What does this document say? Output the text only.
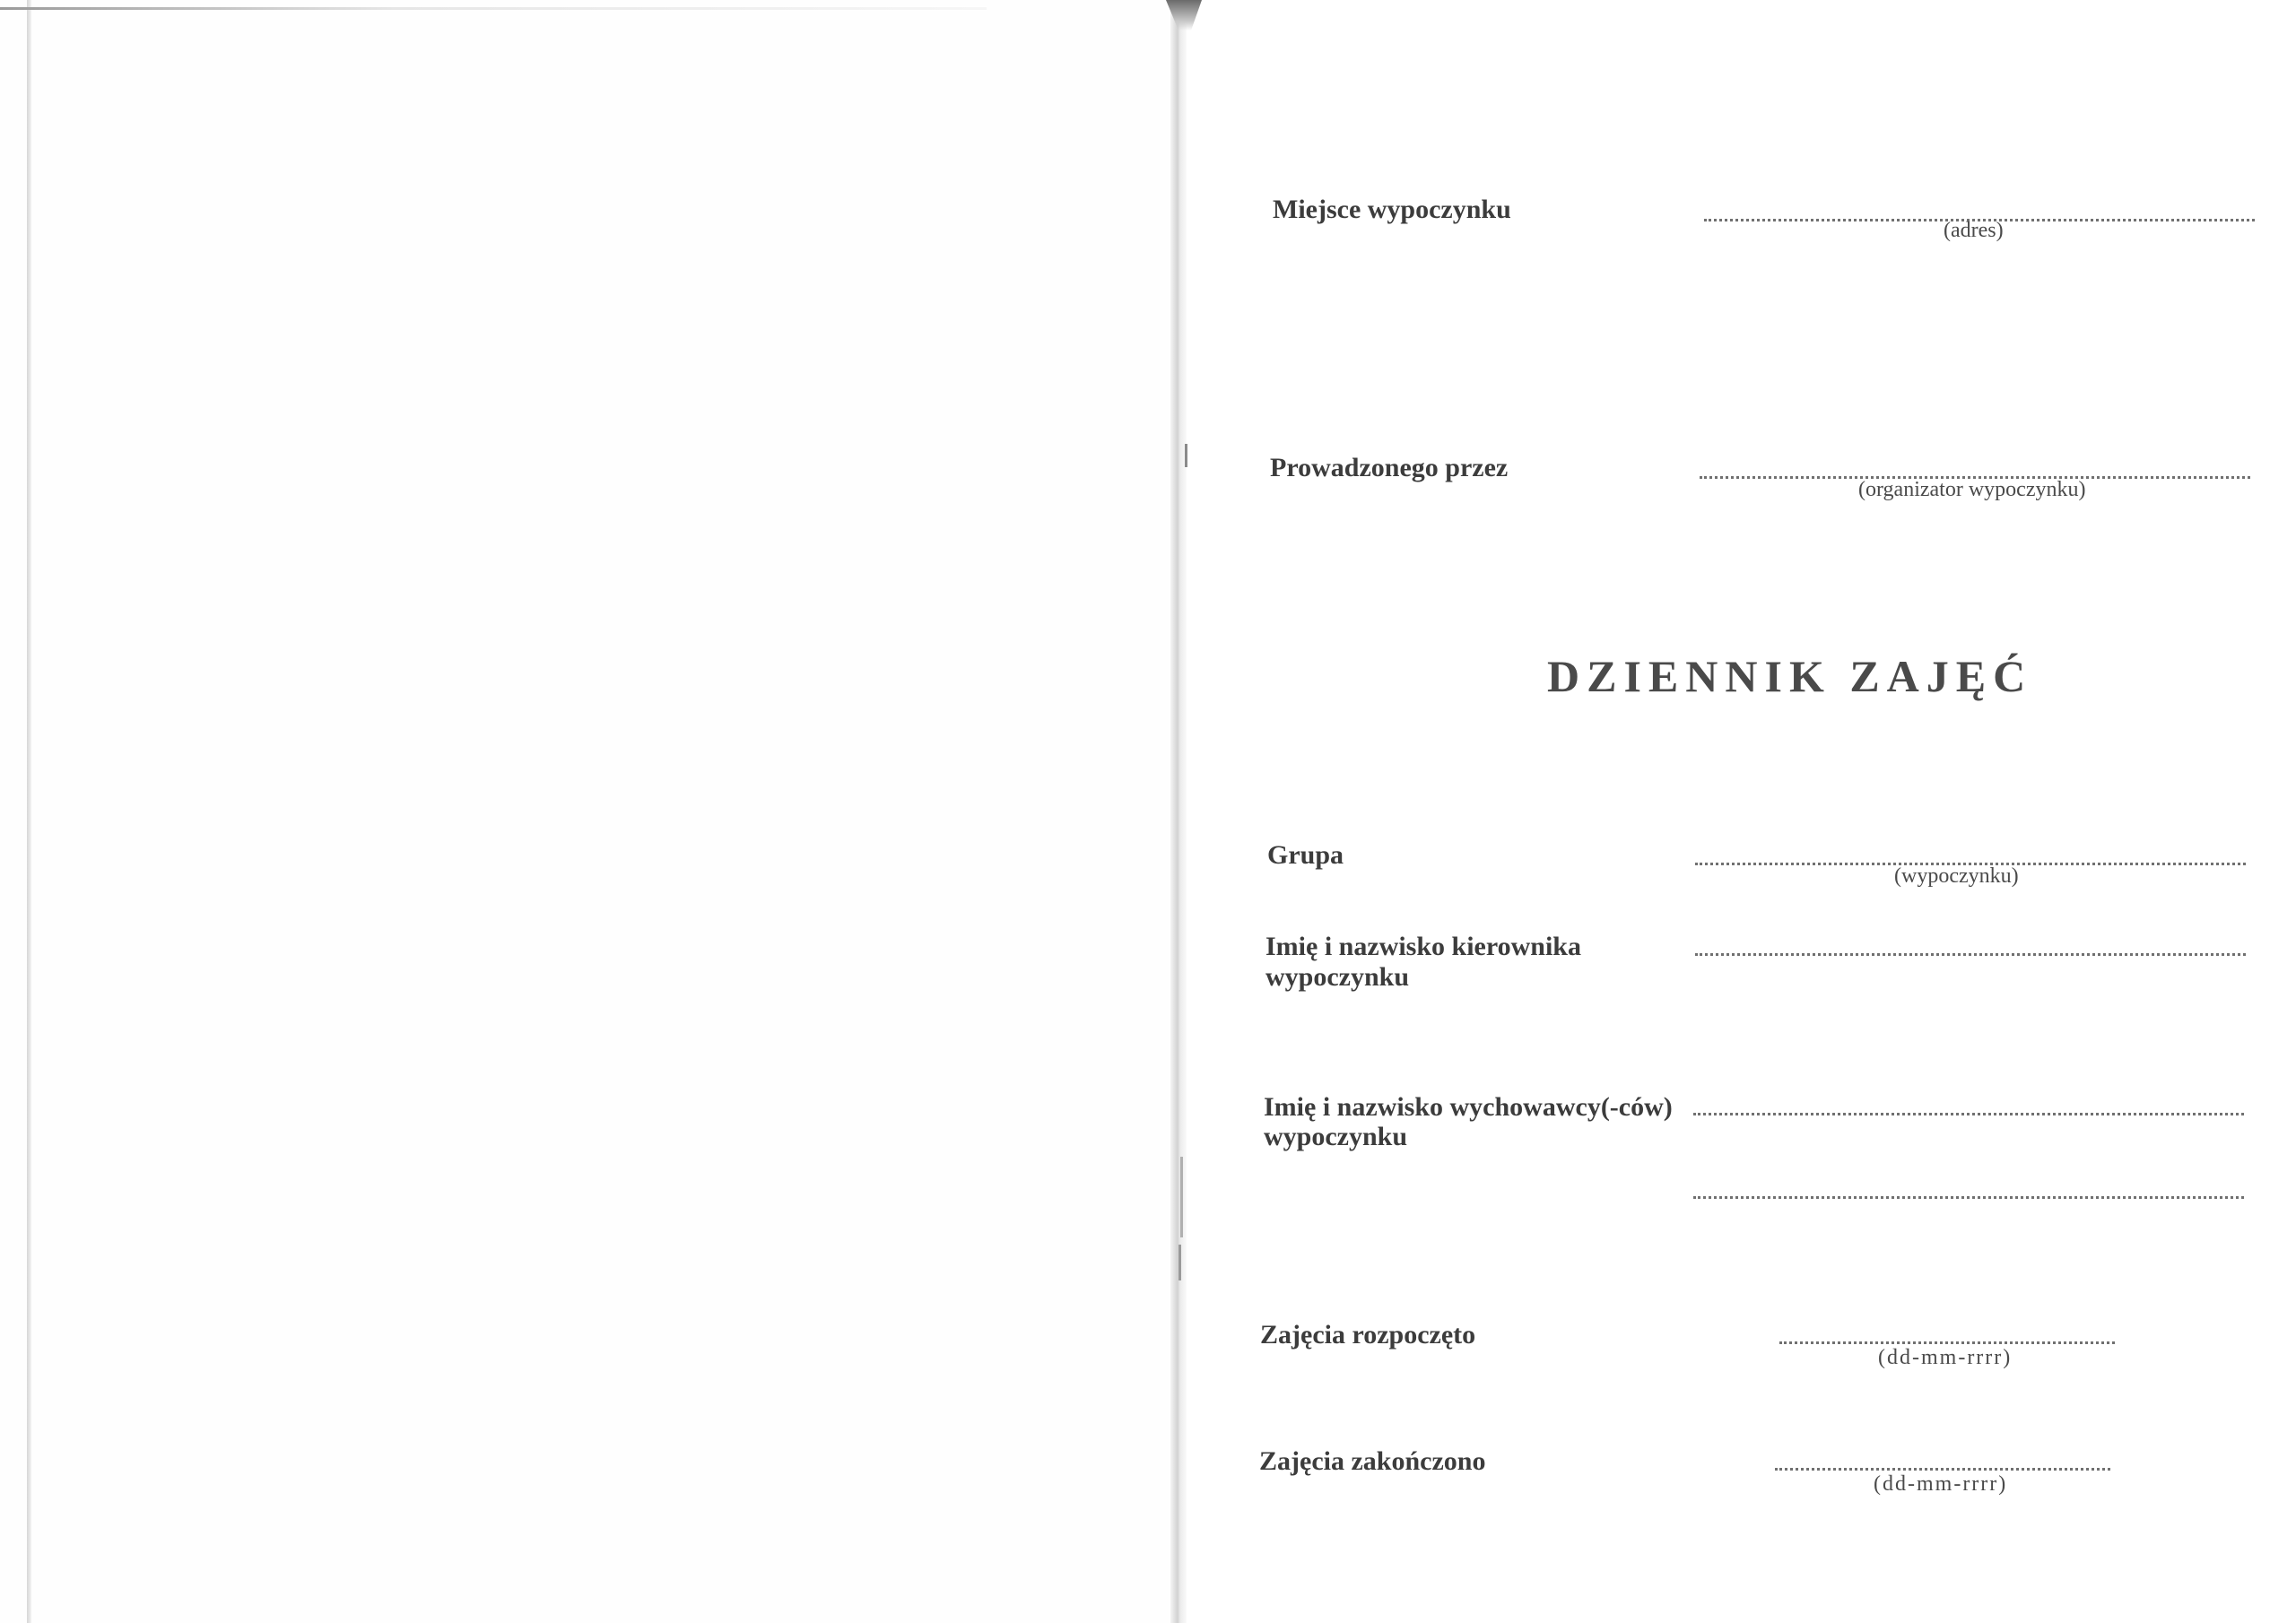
Miejsce wypoczynku
(adres)
Prowadzonego przez
(organizator wypoczynku)
DZIENNIK ZAJĘĆ
Grupa
(wypoczynku)
Imię i nazwisko kierownika
wypoczynku
Imię i nazwisko wychowawcy(-ców)
wypoczynku
Zajęcia rozpoczęto
(dd-mm-rrrr)
Zajęcia zakończono
(dd-mm-rrrr)
